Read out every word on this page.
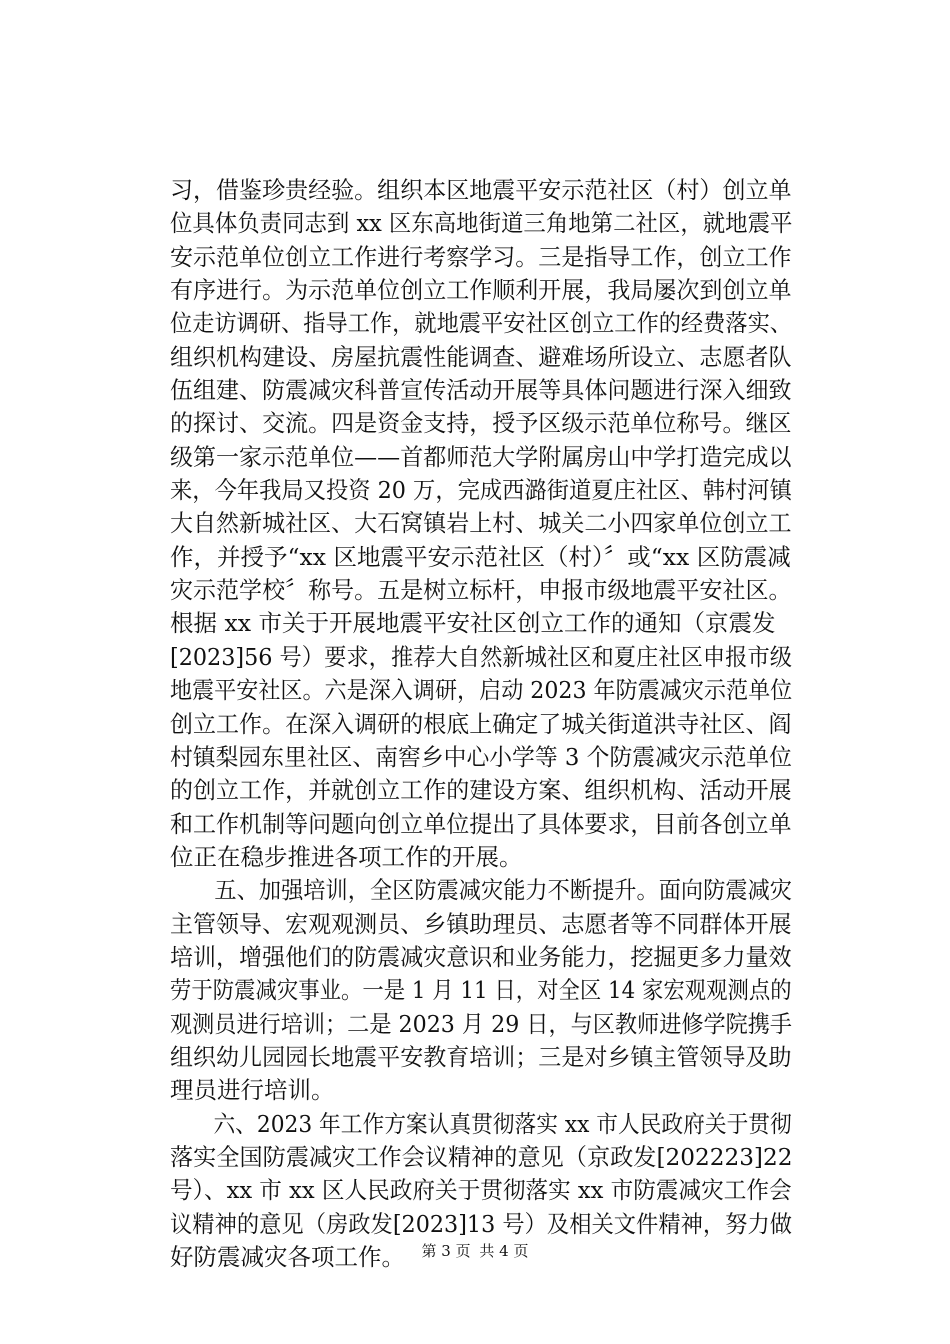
习，借鉴珍贵经验。组织本区地震平安示范社区（村）创立单
位具体负责同志到 xx 区东高地街道三角地第二社区，就地震平
安示范单位创立工作进行考察学习。三是指导工作，创立工作
有序进行。为示范单位创立工作顺利开展，我局屡次到创立单
位走访调研、指导工作，就地震平安社区创立工作的经费落实、
组织机构建设、房屋抗震性能调查、避难场所设立、志愿者队
伍组建、防震减灾科普宣传活动开展等具体问题进行深入细致
的探讨、交流。四是资金支持，授予区级示范单位称号。继区
级第一家示范单位——首都师范大学附属房山中学打造完成以
来，今年我局又投资 20 万，完成西潞街道夏庄社区、韩村河镇
大自然新城社区、大石窝镇岩上村、城关二小四家单位创立工
作，并授予“xx 区地震平安示范社区（村）〞或“xx 区防震减
灾示范学校〞称号。五是树立标杆，申报市级地震平安社区。
根据 xx 市关于开展地震平安社区创立工作的通知（京震发
[2023]56 号）要求，推荐大自然新城社区和夏庄社区申报市级
地震平安社区。六是深入调研，启动 2023 年防震减灾示范单位
创立工作。在深入调研的根底上确定了城关街道洪寺社区、阎
村镇梨园东里社区、南窖乡中心小学等 3 个防震减灾示范单位
的创立工作，并就创立工作的建设方案、组织机构、活动开展
和工作机制等问题向创立单位提出了具体要求，目前各创立单
位正在稳步推进各项工作的开展。
　　五、加强培训，全区防震减灾能力不断提升。面向防震减灾
主管领导、宏观观测员、乡镇助理员、志愿者等不同群体开展
培训，增强他们的防震减灾意识和业务能力，挖掘更多力量效
劳于防震减灾事业。一是 1 月 11 日，对全区 14 家宏观观测点的
观测员进行培训；二是 2023 月 29 日，与区教师进修学院携手
组织幼儿园园长地震平安教育培训；三是对乡镇主管领导及助
理员进行培训。
　　六、2023 年工作方案认真贯彻落实 xx 市人民政府关于贯彻
落实全国防震减灾工作会议精神的意见（京政发[202223]22
号）、xx 市 xx 区人民政府关于贯彻落实 xx 市防震减灾工作会
议精神的意见（房政发[2023]13 号）及相关文件精神，努力做
好防震减灾各项工作。	第 3 页 共 4 页
